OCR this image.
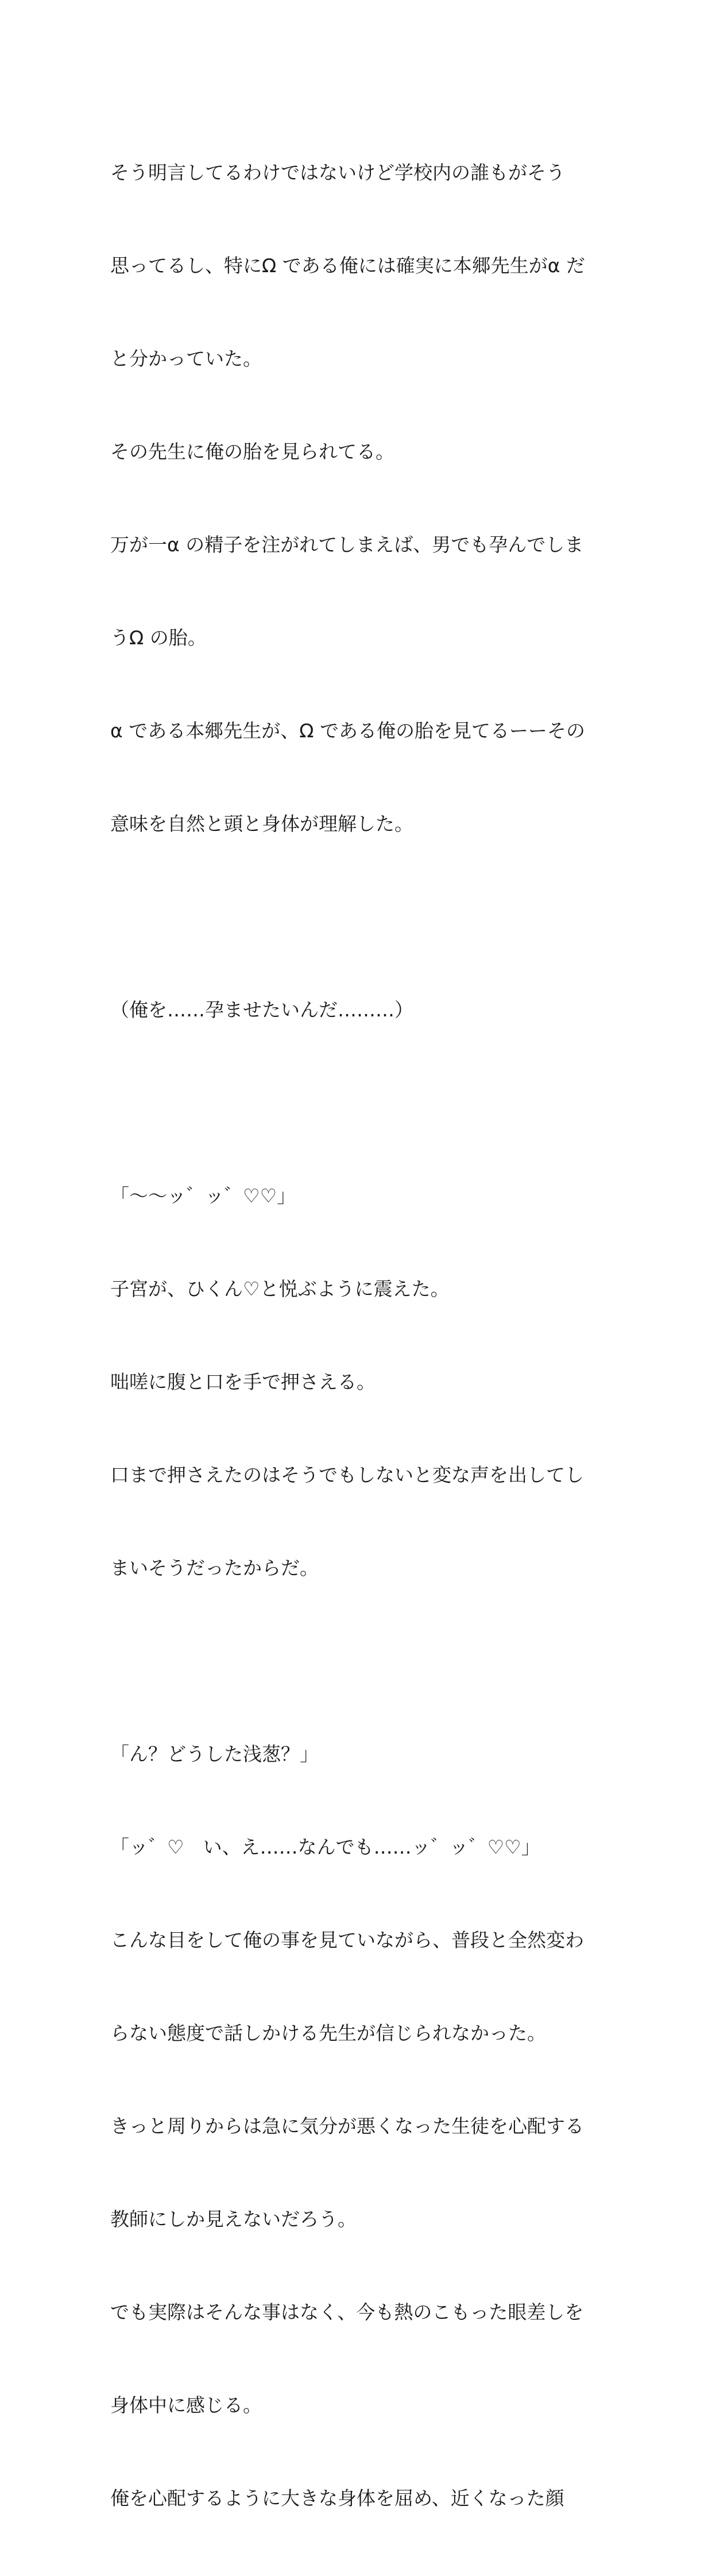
そう明言してるわけではないけど学校内の誰もがそう

思ってるし、特にΩ である俺には確実に本郷先生がα だ

と分かっていた。

その先生に俺の胎を見られてる。

万が一α の精子を注がれてしまえば、男でも孕んでしま

うΩ の胎。

α である本郷先生が、Ω である俺の胎を見てるーーその

意味を自然と頭と身体が理解した。

（俺を……孕ませたいんだ………）

「〜〜ッ゛ッ゛♡♡」

子宮が、ひくん♡と悦ぶように震えた。

咄嗟に腹と口を手で押さえる。

口まで押さえたのはそうでもしないと変な声を出してし

まいそうだったからだ。

「ん？どうした浅葱？」

「ッ゛♡　い、え……なんでも……ッ゛ッ゛♡♡」

こんな目をして俺の事を見ていながら、普段と全然変わ

らない態度で話しかける先生が信じられなかった。

きっと周りからは急に気分が悪くなった生徒を心配する

教師にしか見えないだろう。

でも実際はそんな事はなく、今も熱のこもった眼差しを

身体中に感じる。

俺を心配するように大きな身体を屈め、近くなった顔
